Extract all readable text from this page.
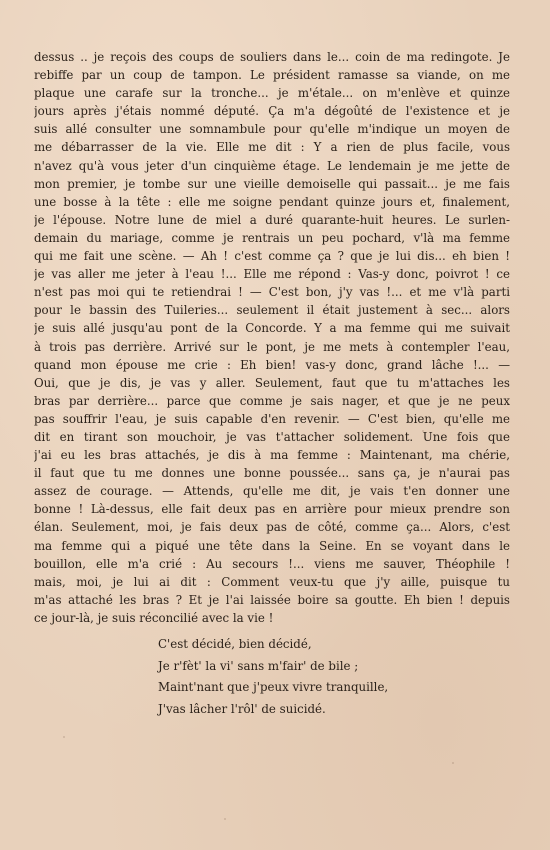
dessus .. je reçois des coups de souliers dans le... coin de ma redingote. Je
rebiffe par un coup de tampon. Le président ramasse sa viande, on me
plaque une carafe sur la tronche... je m'étale... on m'enlève et quinze
jours après j'étais nommé député. Ça m'a dégoûté de l'existence et je
suis allé consulter une somnambule pour qu'elle m'indique un moyen de
me débarrasser de la vie. Elle me dit : Y a rien de plus facile, vous
n'avez qu'à vous jeter d'un cinquième étage. Le lendemain je me jette de
mon premier, je tombe sur une vieille demoiselle qui passait... je me fais
une bosse à la tête : elle me soigne pendant quinze jours et, finalement,
je l'épouse. Notre lune de miel a duré quarante-huit heures. Le surlen-
demain du mariage, comme je rentrais un peu pochard, v'là ma femme
qui me fait une scène. — Ah ! c'est comme ça ? que je lui dis... eh bien !
je vas aller me jeter à l'eau !... Elle me répond : Vas-y donc, poivrot ! ce
n'est pas moi qui te retiendrai ! — C'est bon, j'y vas !... et me v'là parti
pour le bassin des Tuileries... seulement il était justement à sec... alors
je suis allé jusqu'au pont de la Concorde. Y a ma femme qui me suivait
à trois pas derrière. Arrivé sur le pont, je me mets à contempler l'eau,
quand mon épouse me crie : Eh bien! vas-y donc, grand lâche !... —
Oui, que je dis, je vas y aller. Seulement, faut que tu m'attaches les
bras par derrière... parce que comme je sais nager, et que je ne peux
pas souffrir l'eau, je suis capable d'en revenir. — C'est bien, qu'elle me
dit en tirant son mouchoir, je vas t'attacher solidement. Une fois que
j'ai eu les bras attachés, je dis à ma femme : Maintenant, ma chérie,
il faut que tu me donnes une bonne poussée... sans ça, je n'aurai pas
assez de courage. — Attends, qu'elle me dit, je vais t'en donner une
bonne ! Là-dessus, elle fait deux pas en arrière pour mieux prendre son
élan. Seulement, moi, je fais deux pas de côté, comme ça... Alors, c'est
ma femme qui a piqué une tête dans la Seine. En se voyant dans le
bouillon, elle m'a crié : Au secours !... viens me sauver, Théophile !
mais, moi, je lui ai dit : Comment veux-tu que j'y aille, puisque tu
m'as attaché les bras ? Et je l'ai laissée boire sa goutte. Eh bien ! depuis
ce jour-là, je suis réconcilié avec la vie !
C'est décidé, bien décidé,
Je r'fèt' la vi' sans m'fair' de bile ;
Maint'nant que j'peux vivre tranquille,
J'vas lâcher l'rôl' de suicidé.
